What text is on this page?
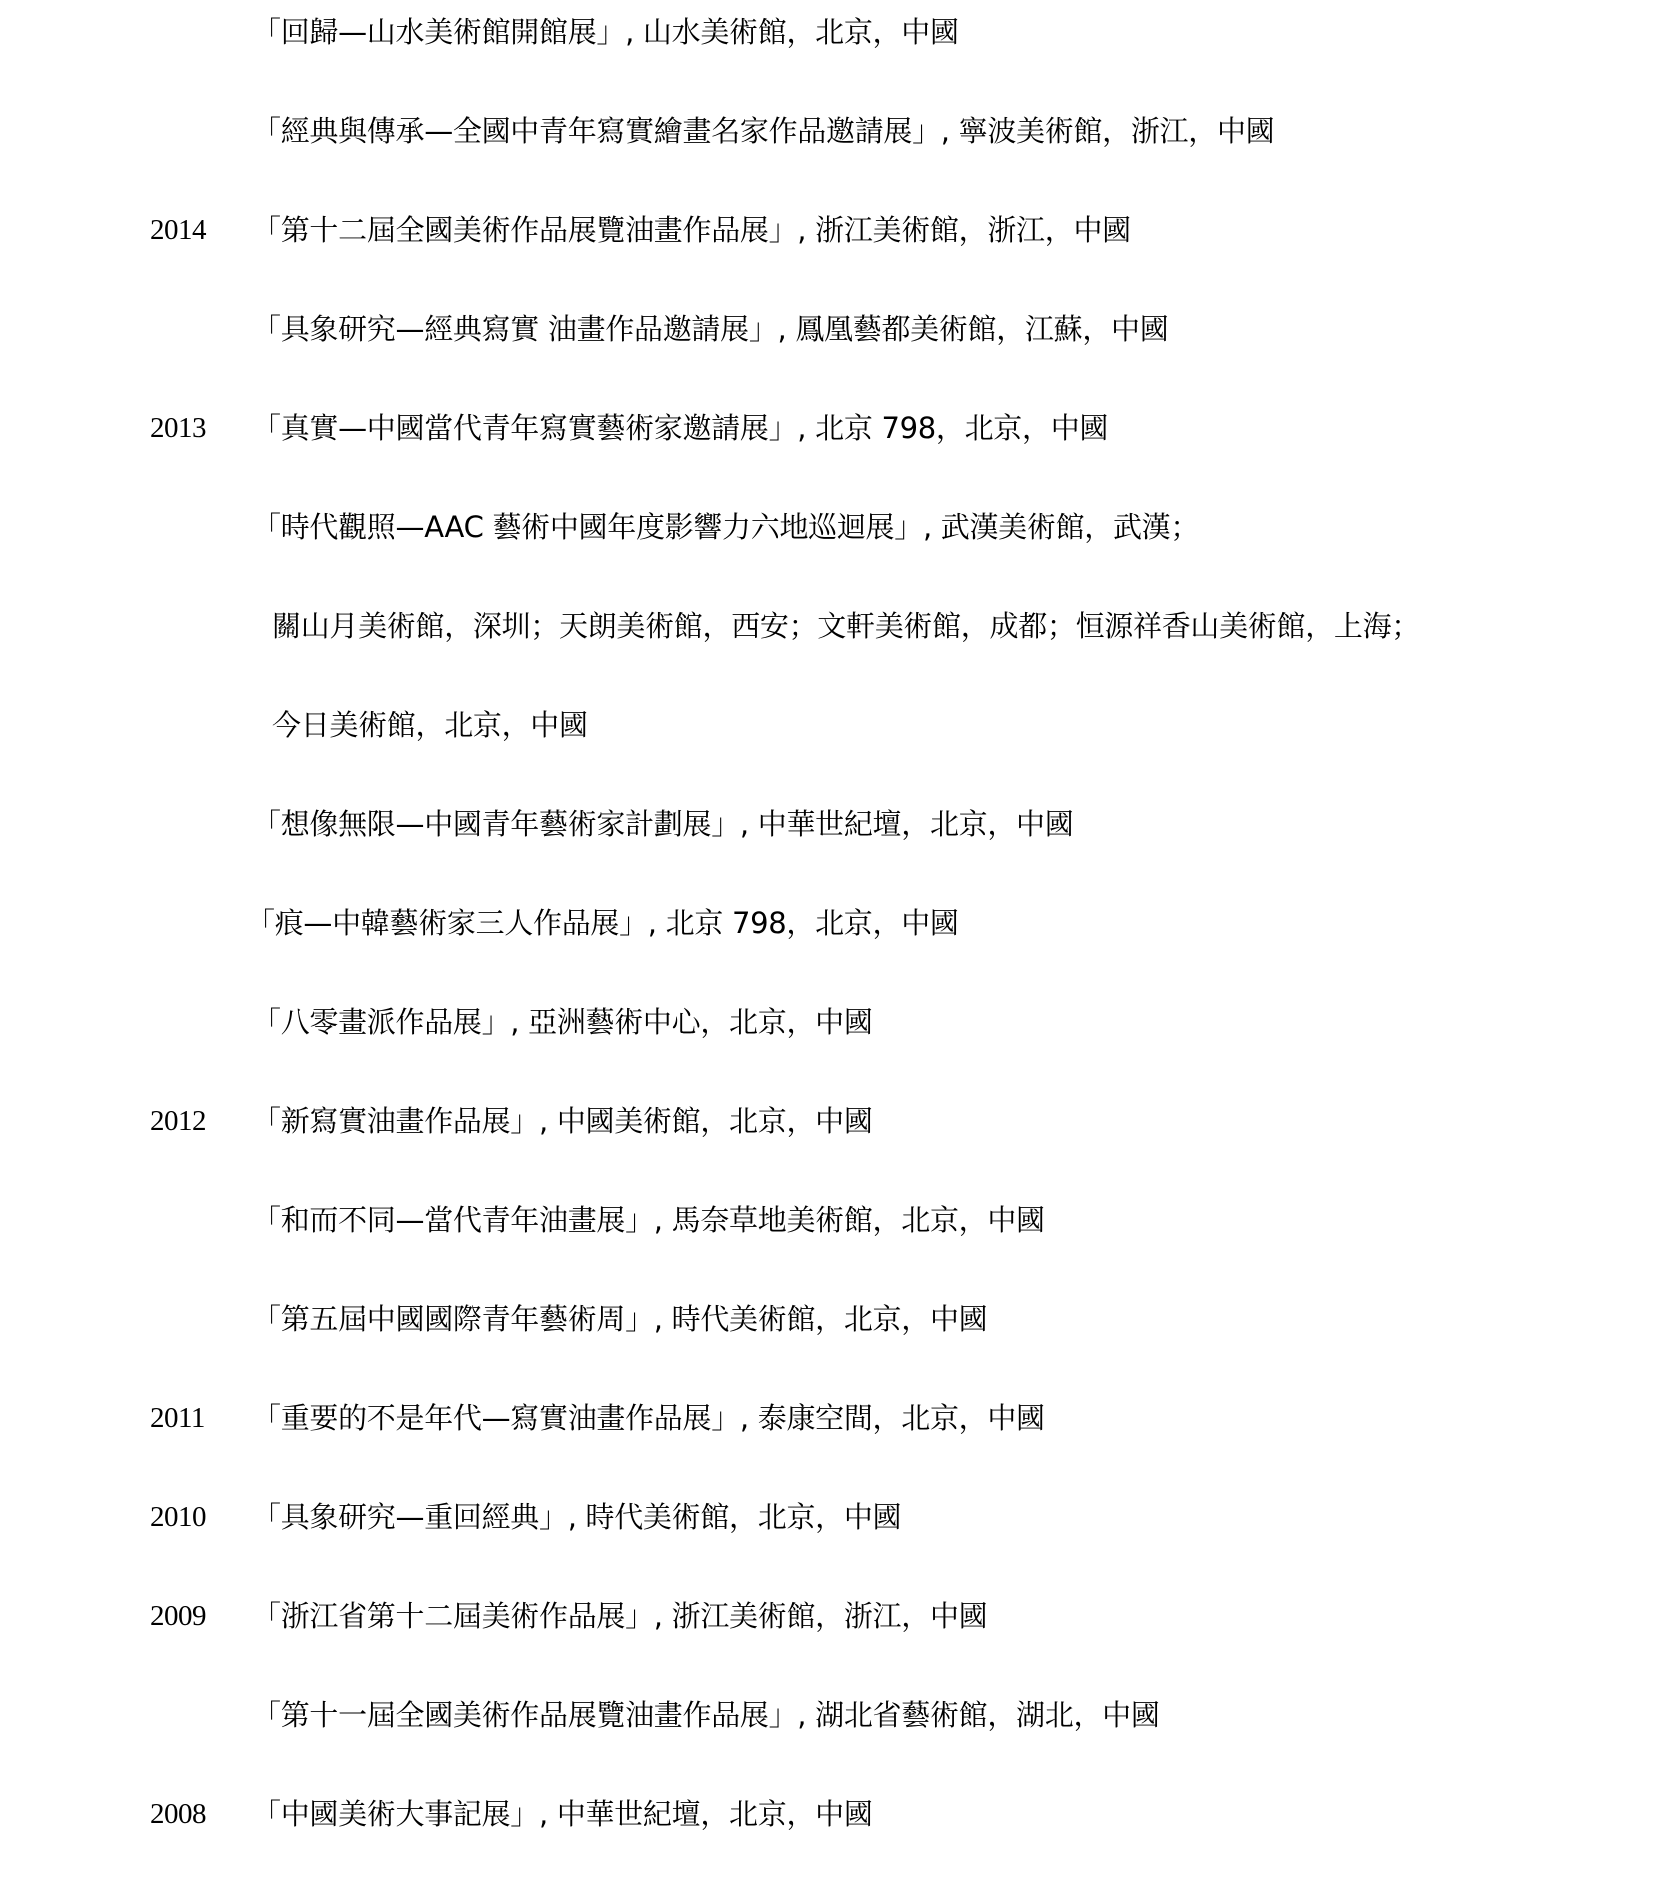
「回歸—山水美術館開館展」, 山水美術館，北京，中國
「經典與傳承—全國中青年寫實繪畫名家作品邀請展」, 寧波美術館，浙江，中國
2014 「第十二屆全國美術作品展覽油畫作品展」, 浙江美術館，浙江，中國
「具象研究—經典寫實 油畫作品邀請展」, 鳳凰藝都美術館，江蘇，中國
2013 「真實—中國當代青年寫實藝術家邀請展」, 北京 798，北京，中國
「時代觀照—AAC 藝術中國年度影響力六地巡迴展」, 武漢美術館，武漢；
關山月美術館，深圳；天朗美術館，西安；文軒美術館，成都；恒源祥香山美術館，上海；
今日美術館，北京，中國
「想像無限—中國青年藝術家計劃展」, 中華世紀壇，北京，中國
「痕—中韓藝術家三人作品展」, 北京 798，北京，中國
「八零畫派作品展」, 亞洲藝術中心，北京，中國
2012 「新寫實油畫作品展」, 中國美術館，北京，中國
「和而不同—當代青年油畫展」, 馬奈草地美術館，北京，中國
「第五屆中國國際青年藝術周」, 時代美術館，北京，中國
2011 「重要的不是年代—寫實油畫作品展」, 泰康空間，北京，中國
2010 「具象研究—重回經典」, 時代美術館，北京，中國
2009 「浙江省第十二屆美術作品展」, 浙江美術館，浙江，中國
「第十一屆全國美術作品展覽油畫作品展」, 湖北省藝術館，湖北，中國
2008 「中國美術大事記展」, 中華世紀壇，北京，中國
